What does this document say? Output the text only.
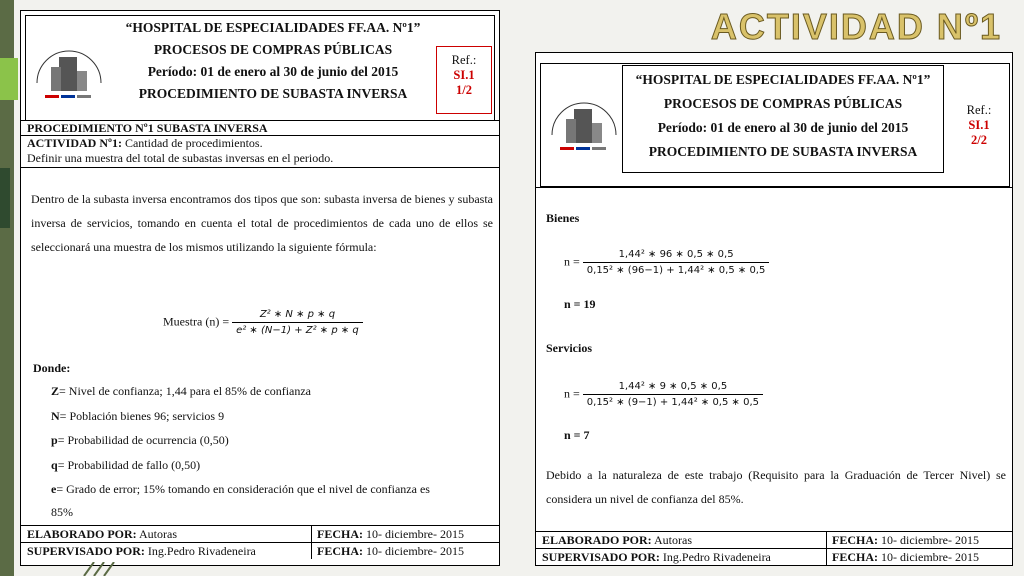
ACTIVIDAD Nº1
“HOSPITAL DE ESPECIALIDADES FF.AA. Nº1”
PROCESOS DE COMPRAS PÚBLICAS
Período: 01 de enero al 30 de junio del 2015
PROCEDIMIENTO DE SUBASTA INVERSA
Ref.:
SI.1
1/2
PROCEDIMIENTO Nº1 SUBASTA INVERSA
ACTIVIDAD Nº1: Cantidad de procedimientos.
Definir una muestra del total de subastas inversas en el periodo.
Dentro de la subasta inversa encontramos dos tipos que son: subasta inversa de bienes y subasta inversa de servicios, tomando en cuenta el total de procedimientos de cada uno de ellos se seleccionará una muestra de los mismos utilizando la siguiente fórmula:
Muestra $(n) = \frac{\text{Z² ∗ N ∗ p ∗ q}}{\text{e² ∗ (N−1) + Z² ∗ p ∗ q}}$
Donde:
Z= Nivel de confianza; 1,44 para el 85% de confianza
N= Población bienes 96; servicios 9
p= Probabilidad de ocurrencia (0,50)
q= Probabilidad de fallo (0,50)
e= Grado de error; 15% tomando en consideración que el nivel de confianza es
85%
ELABORADO POR: Autoras	FECHA: 10- diciembre- 2015
SUPERVISADO POR: Ing.Pedro Rivadeneira	FECHA: 10- diciembre- 2015
“HOSPITAL DE ESPECIALIDADES FF.AA. Nº1”
PROCESOS DE COMPRAS PÚBLICAS
Período: 01 de enero al 30 de junio del 2015
PROCEDIMIENTO DE SUBASTA INVERSA
Ref.:
SI.1
2/2
Bienes
$n = \frac{\text{1,44² ∗ 96 ∗ 0,5 ∗ 0,5}}{\text{0,15² ∗ (96−1) + 1,44² ∗ 0,5 ∗ 0,5}}$
n = 19
Servicios
$n = \frac{\text{1,44² ∗ 9 ∗ 0,5 ∗ 0,5}}{\text{0,15² ∗ (9−1) + 1,44² ∗ 0,5 ∗ 0,5}}$
n = 7
Debido a la naturaleza de este trabajo (Requisito para la Graduación de Tercer Nivel) se considera un nivel de confianza del 85%.
ELABORADO POR: Autoras	FECHA: 10- diciembre- 2015
SUPERVISADO POR: Ing.Pedro Rivadeneira	FECHA: 10- diciembre- 2015
